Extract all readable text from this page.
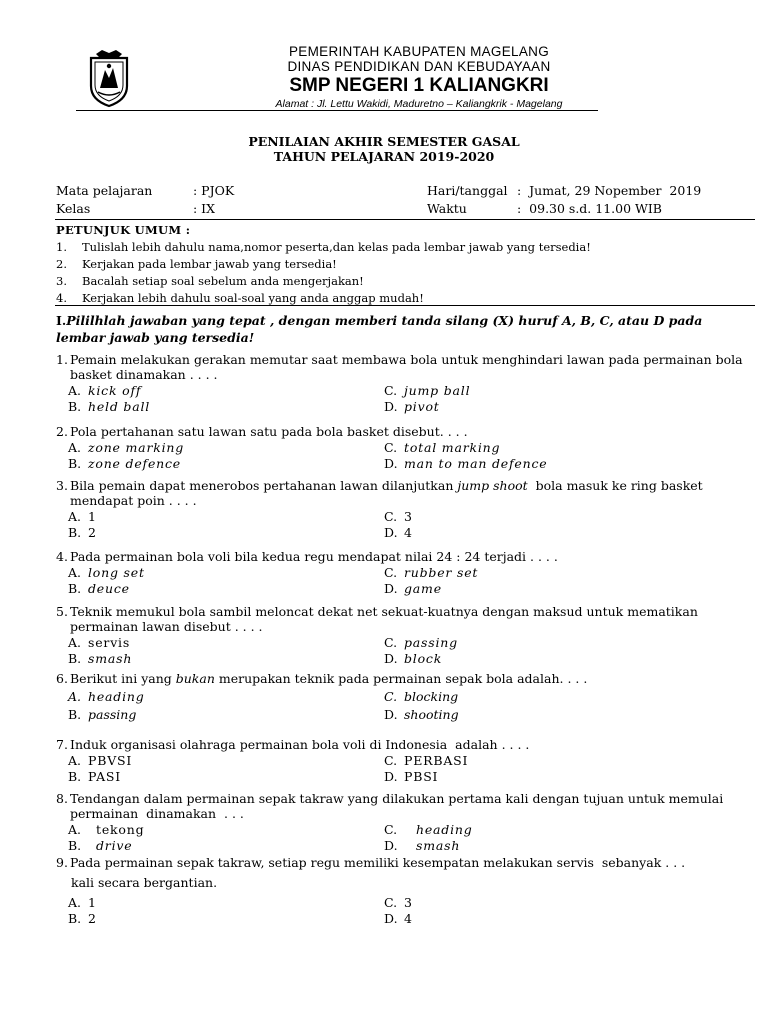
PEMERINTAH KABUPATEN MAGELANG
DINAS PENDIDIKAN DAN KEBUDAYAAN
SMP NEGERI 1 KALIANGKRI
Alamat : Jl. Lettu Wakidi, Maduretno – Kaliangkrik - Magelang
PENILAIAN AKHIR SEMESTER GASAL
TAHUN PELAJARAN 2019-2020
Mata pelajaran	: PJOK
Kelas	: IX
Hari/tanggal :  Jumat, 29 Nopember  2019
Waktu	:  09.30 s.d. 11.00 WIB
PETUNJUK UMUM :
1.	Tulislah lebih dahulu nama,nomor peserta,dan kelas pada lembar jawab yang tersedia!
2.	Kerjakan pada lembar jawab yang tersedia!
3.	Bacalah setiap soal sebelum anda mengerjakan!
4.	Kerjakan lebih dahulu soal-soal yang anda anggap mudah!
I.Pililhlah jawaban yang tepat , dengan memberi tanda silang (X) huruf A, B, C, atau D pada lembar jawab yang tersedia!
1. Pemain melakukan gerakan memutar saat membawa bola untuk menghindari lawan pada permainan bola basket dinamakan . . . .
A. kick off	C. jump ball
B. held ball	D. pivot
2. Pola pertahanan satu lawan satu pada bola basket disebut. . . .
A. zone marking	C. total marking
B. zone defence	D. man to man defence
3. Bila pemain dapat menerobos pertahanan lawan dilanjutkan jump shoot  bola masuk ke ring basket mendapat poin . . . .
A. 1	C. 3
B. 2	D. 4
4. Pada permainan bola voli bila kedua regu mendapat nilai 24 : 24 terjadi . . . .
A. long set	C. rubber set
B. deuce	D. game
5. Teknik memukul bola sambil meloncat dekat net sekuat-kuatnya dengan maksud untuk mematikan permainan lawan disebut . . . .
A. servis	C. passing
B. smash	D. block
6. Berikut ini yang bukan merupakan teknik pada permainan sepak bola adalah. . . .
A. heading	C. blocking
B. passing	D. shooting
7. Induk organisasi olahraga permainan bola voli di Indonesia  adalah . . . .
A. PBVSI	C. PERBASI
B. PASI	D. PBSI
8. Tendangan dalam permainan sepak takraw yang dilakukan pertama kali dengan tujuan untuk memulai permainan  dinamakan  . . .
A. tekong	C. heading
B. drive	D. smash
9. Pada permainan sepak takraw, setiap regu memiliki kesempatan melakukan servis  sebanyak . . .
kali secara bergantian.
A. 1	C. 3
B. 2	D. 4
